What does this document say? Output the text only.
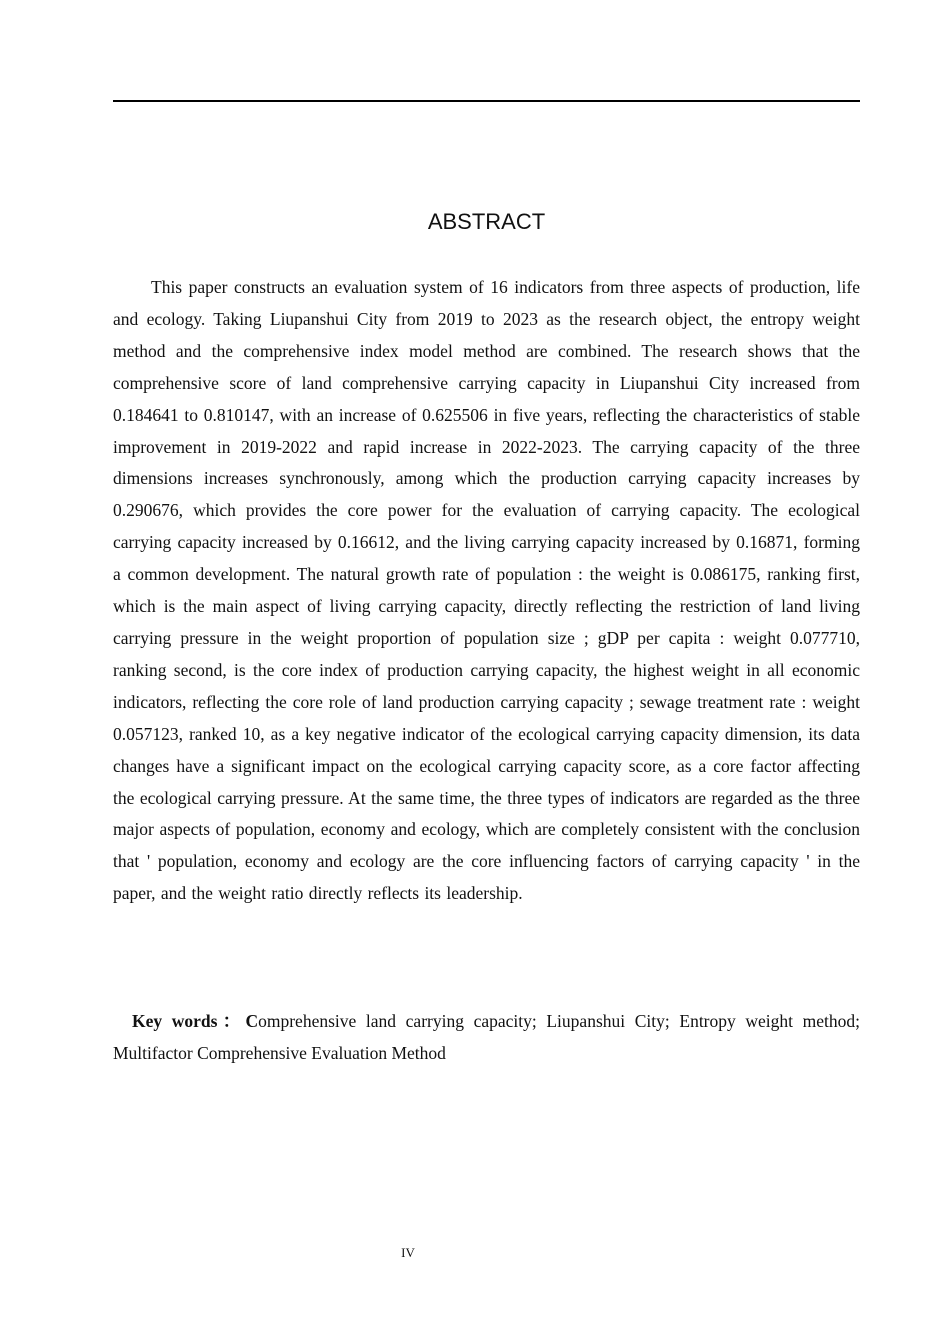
ABSTRACT

This paper constructs an evaluation system of 16 indicators from three aspects of production, life and ecology. Taking Liupanshui City from 2019 to 2023 as the research object, the entropy weight method and the comprehensive index model method are combined. The research shows that the comprehensive score of land comprehensive carrying capacity in Liupanshui City increased from 0.184641 to 0.810147, with an increase of 0.625506 in five years, reflecting the characteristics of stable improvement in 2019-2022 and rapid increase in 2022-2023. The carrying capacity of the three dimensions increases synchronously, among which the production carrying capacity increases by 0.290676, which provides the core power for the evaluation of carrying capacity. The ecological carrying capacity increased by 0.16612, and the living carrying capacity increased by 0.16871, forming a common development. The natural growth rate of population : the weight is 0.086175, ranking first, which is the main aspect of living carrying capacity, directly reflecting the restriction of land living carrying pressure in the weight proportion of population size ; gDP per capita : weight 0.077710, ranking second, is the core index of production carrying capacity, the highest weight in all economic indicators, reflecting the core role of land production carrying capacity ; sewage treatment rate : weight 0.057123, ranked 10, as a key negative indicator of the ecological carrying capacity dimension, its data changes have a significant impact on the ecological carrying capacity score, as a core factor affecting the ecological carrying pressure. At the same time, the three types of indicators are regarded as the three major aspects of population, economy and ecology, which are completely consistent with the conclusion that ' population, economy and ecology are the core influencing factors of carrying capacity ' in the paper, and the weight ratio directly reflects its leadership.

Key words：Comprehensive land carrying capacity; Liupanshui City; Entropy weight method; Multifactor Comprehensive Evaluation Method

IV
